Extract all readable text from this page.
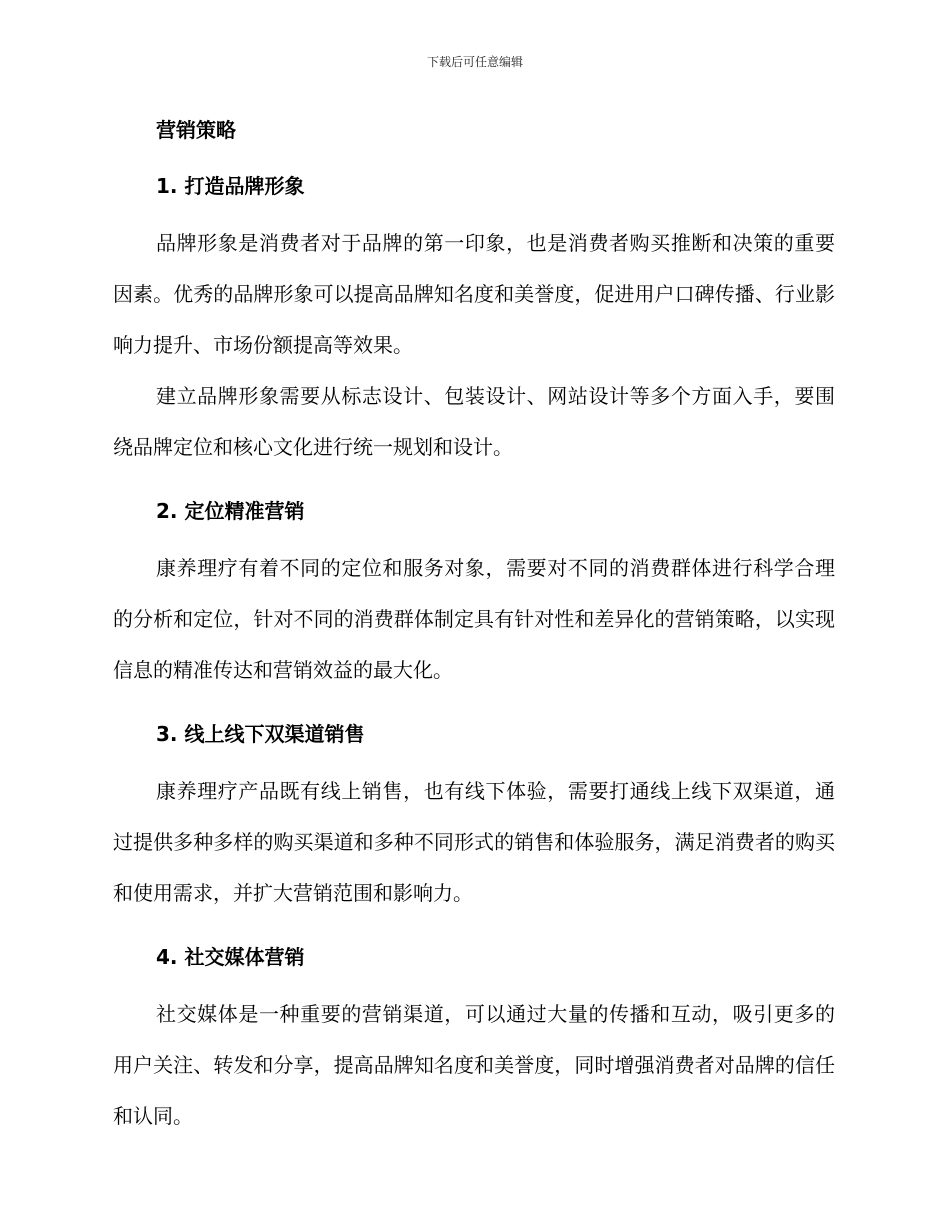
下载后可任意编辑
营销策略
1. 打造品牌形象

品牌形象是消费者对于品牌的第一印象，也是消费者购买推断和决策的重要因素。优秀的品牌形象可以提高品牌知名度和美誉度，促进用户口碑传播、行业影响力提升、市场份额提高等效果。

建立品牌形象需要从标志设计、包装设计、网站设计等多个方面入手，要围绕品牌定位和核心文化进行统一规划和设计。

2. 定位精准营销

康养理疗有着不同的定位和服务对象，需要对不同的消费群体进行科学合理的分析和定位，针对不同的消费群体制定具有针对性和差异化的营销策略，以实现信息的精准传达和营销效益的最大化。

3. 线上线下双渠道销售

康养理疗产品既有线上销售，也有线下体验，需要打通线上线下双渠道，通过提供多种多样的购买渠道和多种不同形式的销售和体验服务，满足消费者的购买和使用需求，并扩大营销范围和影响力。

4. 社交媒体营销

社交媒体是一种重要的营销渠道，可以通过大量的传播和互动，吸引更多的用户关注、转发和分享，提高品牌知名度和美誉度，同时增强消费者对品牌的信任和认同。
